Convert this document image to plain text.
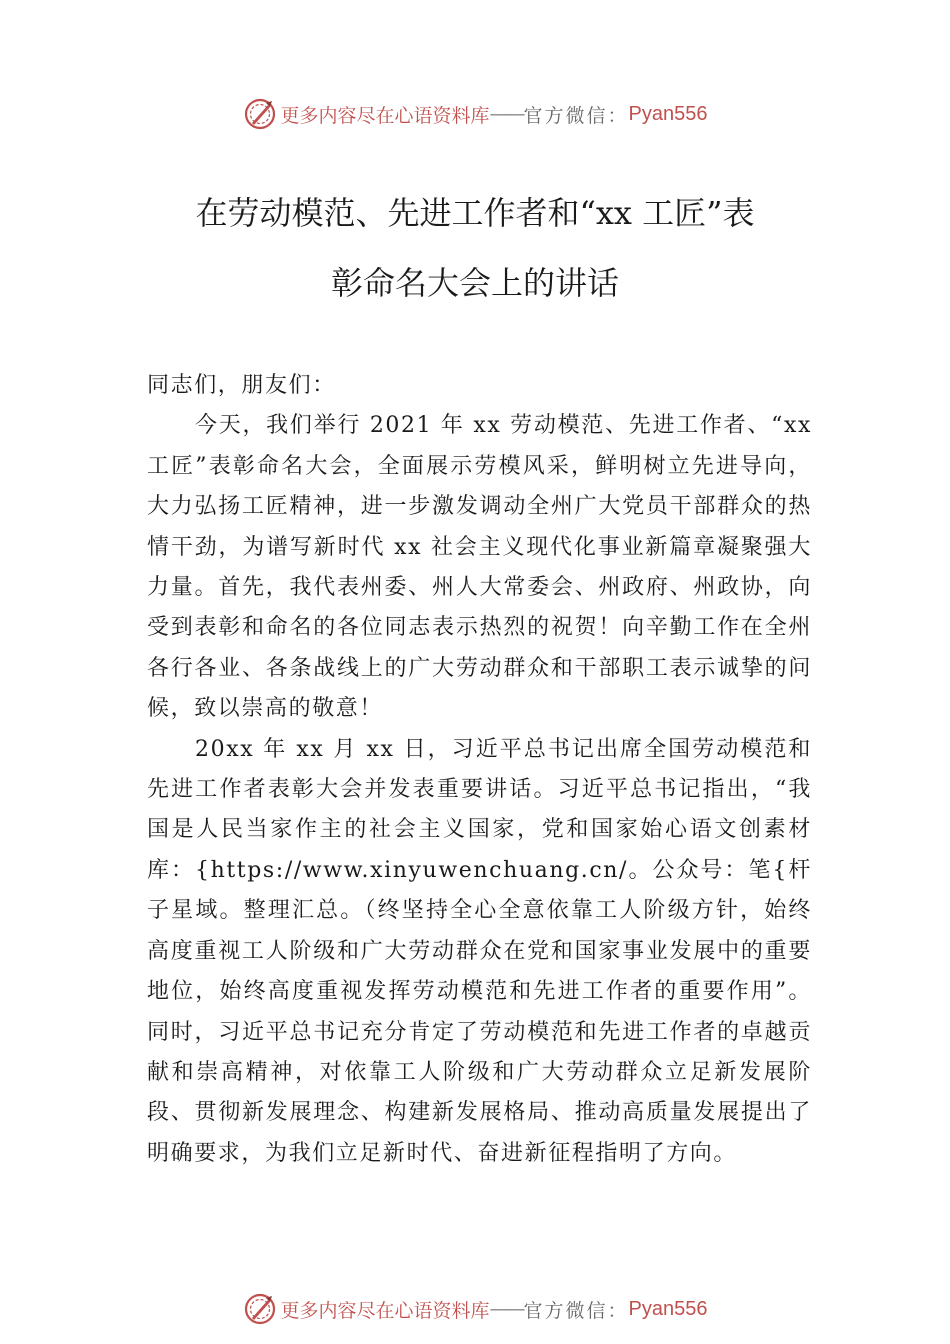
更多内容尽在心语资料库 —— 官方微信： Pyan556
在劳动模范、先进工作者和“xx 工匠”表
彰命名大会上的讲话

同志们，朋友们：

今天，我们举行 2021 年 xx 劳动模范、先进工作者、“xx 工匠”表彰命名大会，全面展示劳模风采，鲜明树立先进导向，大力弘扬工匠精神，进一步激发调动全州广大党员干部群众的热情干劲，为谱写新时代 xx 社会主义现代化事业新篇章凝聚强大力量。首先，我代表州委、州人大常委会、州政府、州政协，向受到表彰和命名的各位同志表示热烈的祝贺！向辛勤工作在全州各行各业、各条战线上的广大劳动群众和干部职工表示诚挚的问候，致以崇高的敬意！

20xx 年 xx 月 xx 日，习近平总书记出席全国劳动模范和先进工作者表彰大会并发表重要讲话。习近平总书记指出，“我国是人民当家作主的社会主义国家，党和国家始心语文创素材库：{https://www.xinyuwenchuang.cn/。公众号：笔{杆子星域。整理汇总。（终坚持全心全意依靠工人阶级方针，始终高度重视工人阶级和广大劳动群众在党和国家事业发展中的重要地位，始终高度重视发挥劳动模范和先进工作者的重要作用”。同时，习近平总书记充分肯定了劳动模范和先进工作者的卓越贡献和崇高精神，对依靠工人阶级和广大劳动群众立足新发展阶段、贯彻新发展理念、构建新发展格局、推动高质量发展提出了明确要求，为我们立足新时代、奋进新征程指明了方向。

更多内容尽在心语资料库 —— 官方微信： Pyan556
